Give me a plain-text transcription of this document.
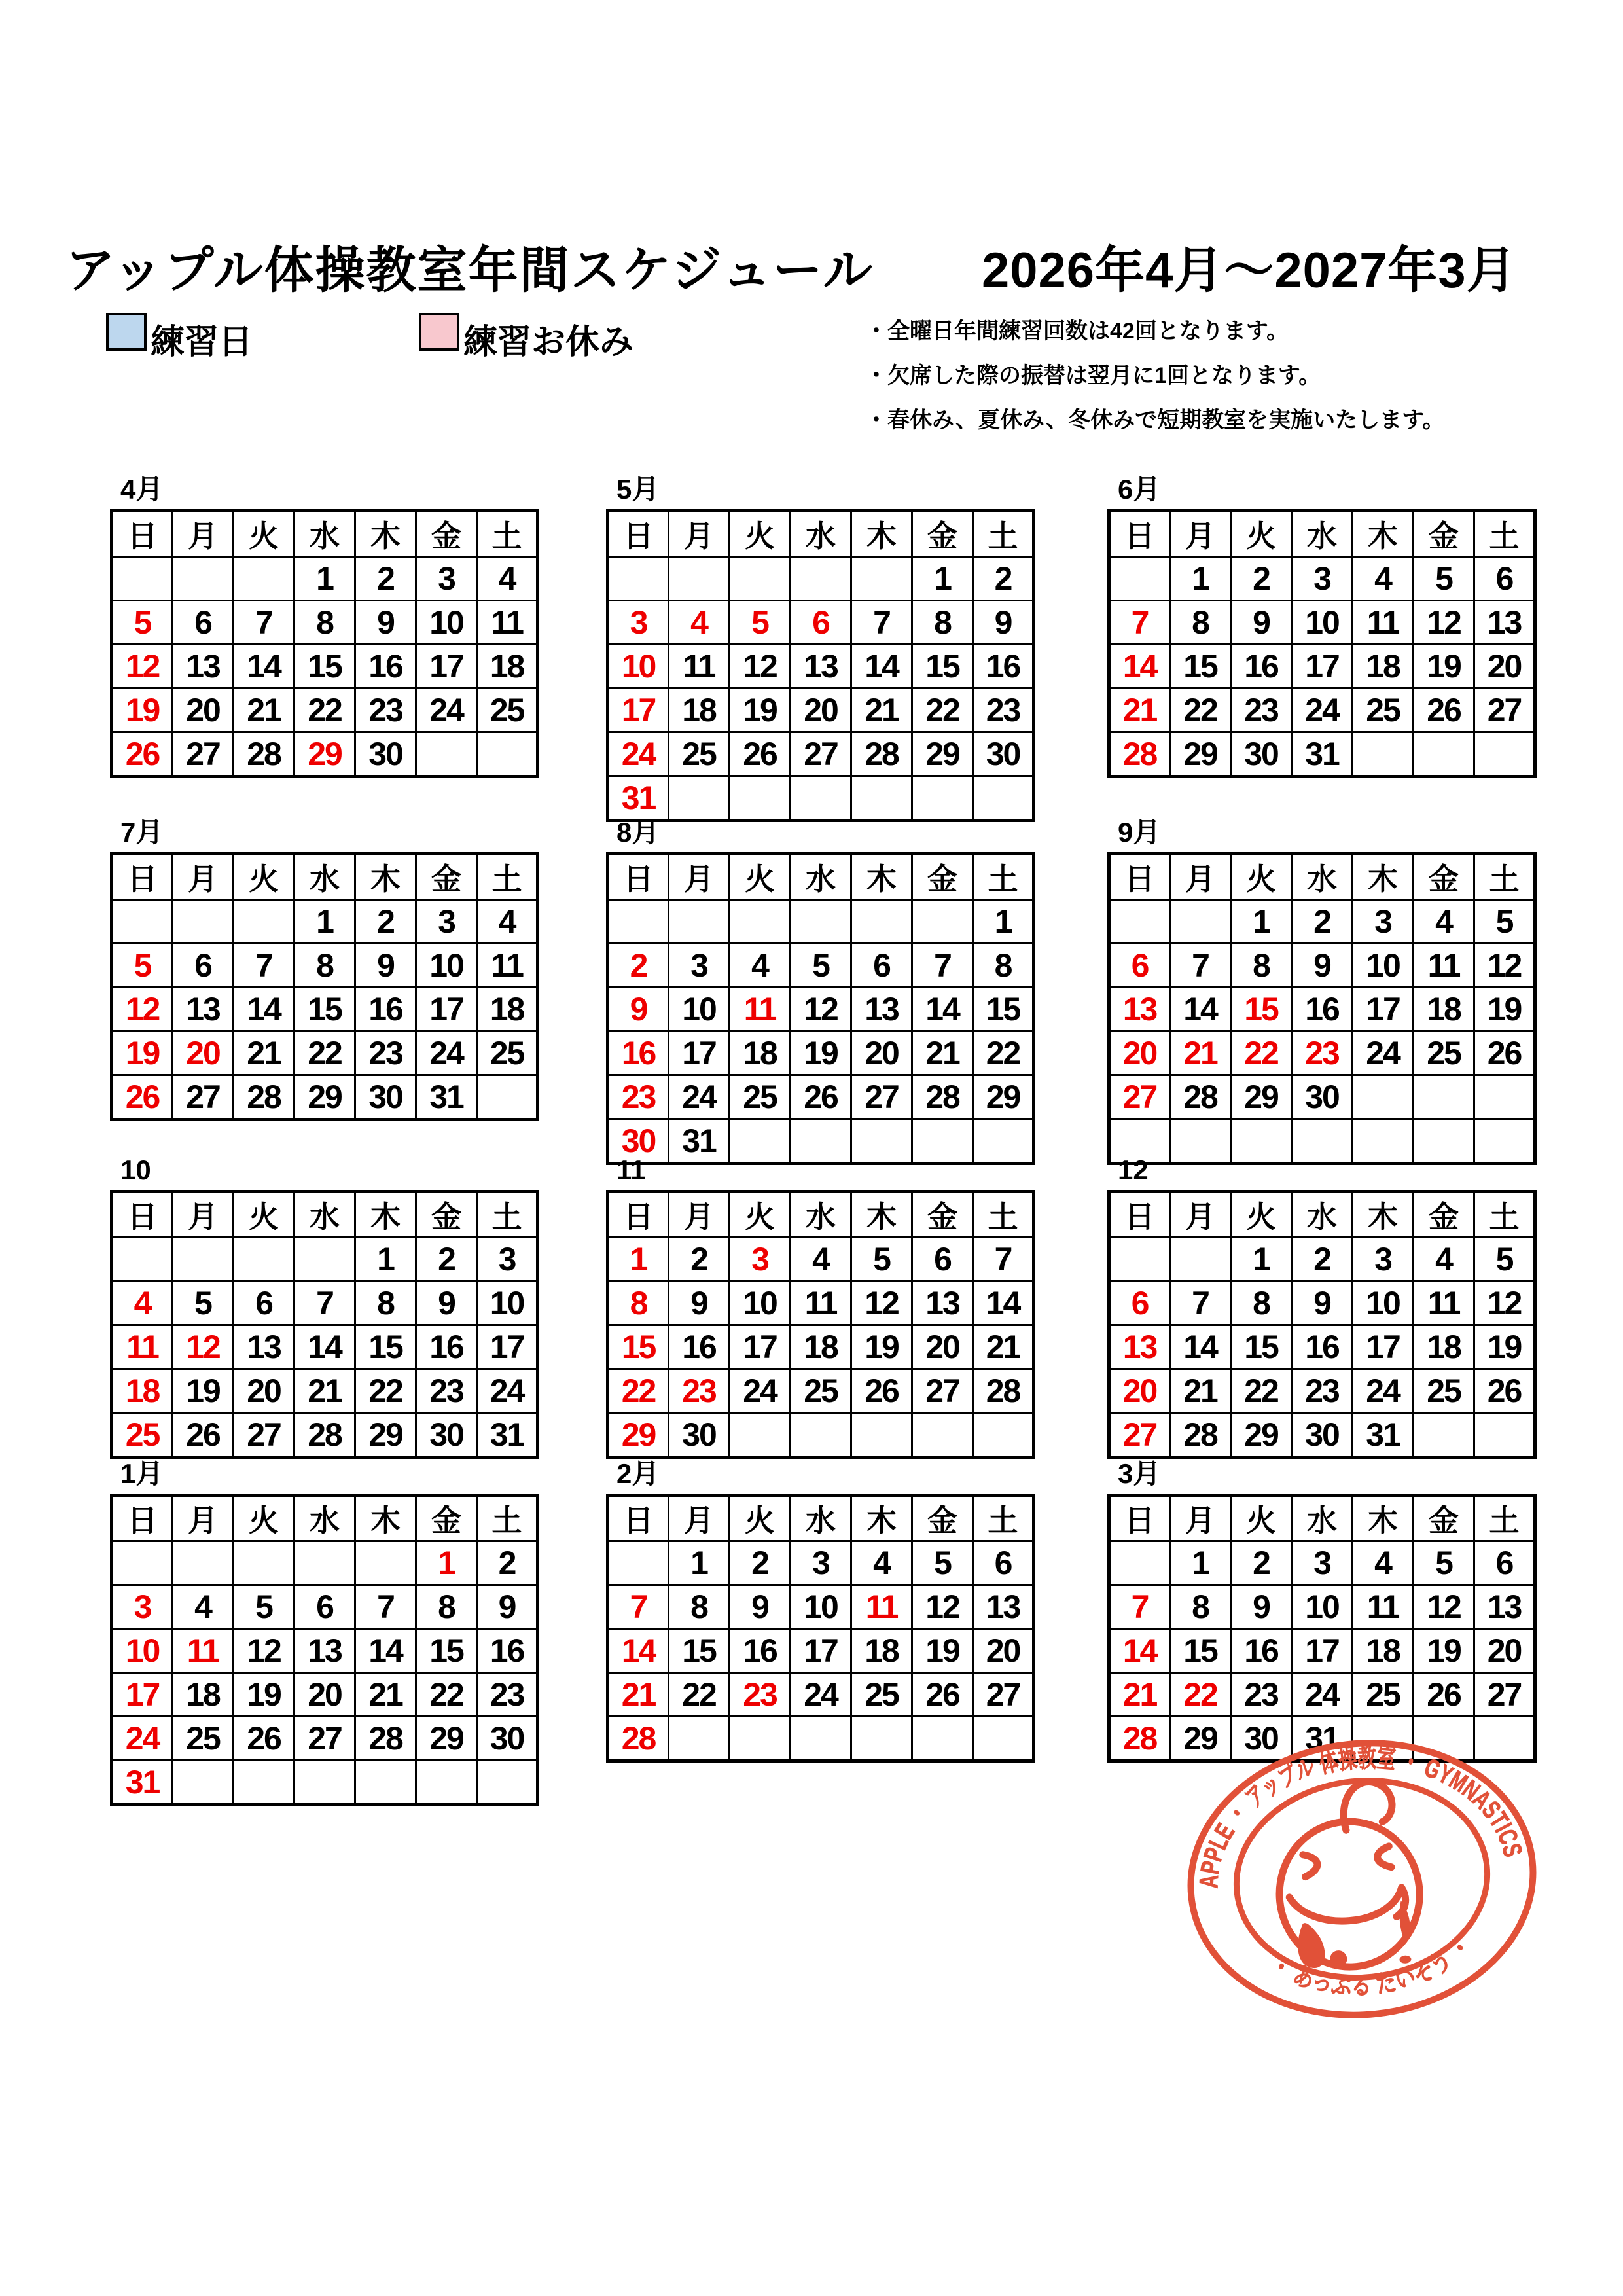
アップル体操教室年間スケジュール 2026年4月～2027年3月
練習日	練習お休み	・全曜日年間練習回数は42回となります。
・欠席した際の振替は翌月に1回となります。
・春休み、夏休み、冬休みで短期教室を実施いたします。
4月
日	月	火	水	木	金	土
			1	2	3	4
5	6	7	8	9	10	11
12	13	14	15	16	17	18
19	20	21	22	23	24	25
26	27	28	29	30		
5月
日	月	火	水	木	金	土
					1	2
3	4	5	6	7	8	9
10	11	12	13	14	15	16
17	18	19	20	21	22	23
24	25	26	27	28	29	30
31						
6月
日	月	火	水	木	金	土
	1	2	3	4	5	6
7	8	9	10	11	12	13
14	15	16	17	18	19	20
21	22	23	24	25	26	27
28	29	30	31			
7月
日	月	火	水	木	金	土
			1	2	3	4
5	6	7	8	9	10	11
12	13	14	15	16	17	18
19	20	21	22	23	24	25
26	27	28	29	30	31	
8月
日	月	火	水	木	金	土
						1
2	3	4	5	6	7	8
9	10	11	12	13	14	15
16	17	18	19	20	21	22
23	24	25	26	27	28	29
30	31					
9月
日	月	火	水	木	金	土
		1	2	3	4	5
6	7	8	9	10	11	12
13	14	15	16	17	18	19
20	21	22	23	24	25	26
27	28	29	30			

10
日	月	火	水	木	金	土
				1	2	3
4	5	6	7	8	9	10
11	12	13	14	15	16	17
18	19	20	21	22	23	24
25	26	27	28	29	30	31
11
日	月	火	水	木	金	土
1	2	3	4	5	6	7
8	9	10	11	12	13	14
15	16	17	18	19	20	21
22	23	24	25	26	27	28
29	30					
12
日	月	火	水	木	金	土
		1	2	3	4	5
6	7	8	9	10	11	12
13	14	15	16	17	18	19
20	21	22	23	24	25	26
27	28	29	30	31		
1月
日	月	火	水	木	金	土
					1	2
3	4	5	6	7	8	9
10	11	12	13	14	15	16
17	18	19	20	21	22	23
24	25	26	27	28	29	30
31						
2月
日	月	火	水	木	金	土
	1	2	3	4	5	6
7	8	9	10	11	12	13
14	15	16	17	18	19	20
21	22	23	24	25	26	27
28						
3月
日	月	火	水	木	金	土
	1	2	3	4	5	6
7	8	9	10	11	12	13
14	15	16	17	18	19	20
21	22	23	24	25	26	27
28	29	30	31			
APPLE ・ アップル 体操教室 ・ GYMNASTICS
・ あっぷる たいそう ・
